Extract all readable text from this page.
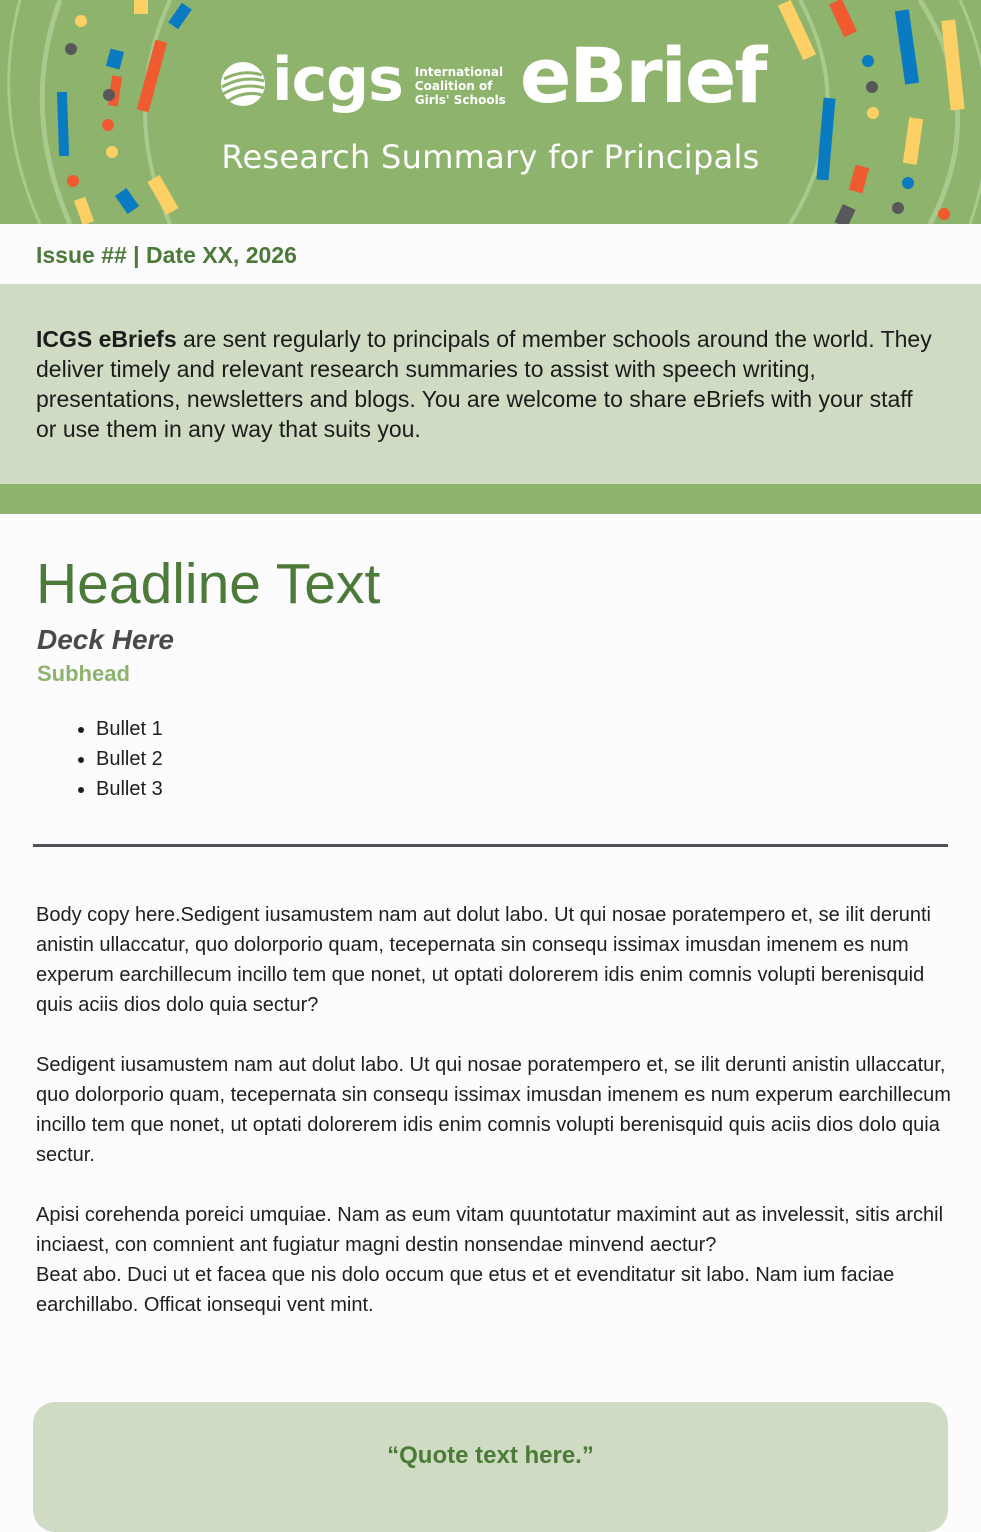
icgs International
Coalition of
Girls' Schools eBrief
Research Summary for Principals
Issue ## | Date XX, 2026

ICGS eBriefs are sent regularly to principals of member schools around the world. They deliver timely and relevant research summaries to assist with speech writing, presentations, newsletters and blogs. You are welcome to share eBriefs with your staff or use them in any way that suits you.

Headline Text
Deck Here
Subhead
• Bullet 1
• Bullet 2
• Bullet 3

Body copy here.Sedigent iusamustem nam aut dolut labo. Ut qui nosae poratempero et, se ilit derunti anistin ullaccatur, quo dolorporio quam, tecepernata sin consequ issimax imusdan imenem es num experum earchillecum incillo tem que nonet, ut optati dolorerem idis enim comnis volupti berenisquid quis aciis dios dolo quia sectur?

Sedigent iusamustem nam aut dolut labo. Ut qui nosae poratempero et, se ilit derunti anistin ullaccatur, quo dolorporio quam, tecepernata sin consequ issimax imusdan imenem es num experum earchillecum incillo tem que nonet, ut optati dolorerem idis enim comnis volupti berenisquid quis aciis dios dolo quia sectur.

Apisi corehenda poreici umquiae. Nam as eum vitam quuntotatur maximint aut as invelessit, sitis archil inciaest, con comnient ant fugiatur magni destin nonsendae minvend aectur?

Beat abo. Duci ut et facea que nis dolo occum que etus et et evenditatur sit labo. Nam ium faciae earchillabo. Officat ionsequi vent mint.

“Quote text here.”
